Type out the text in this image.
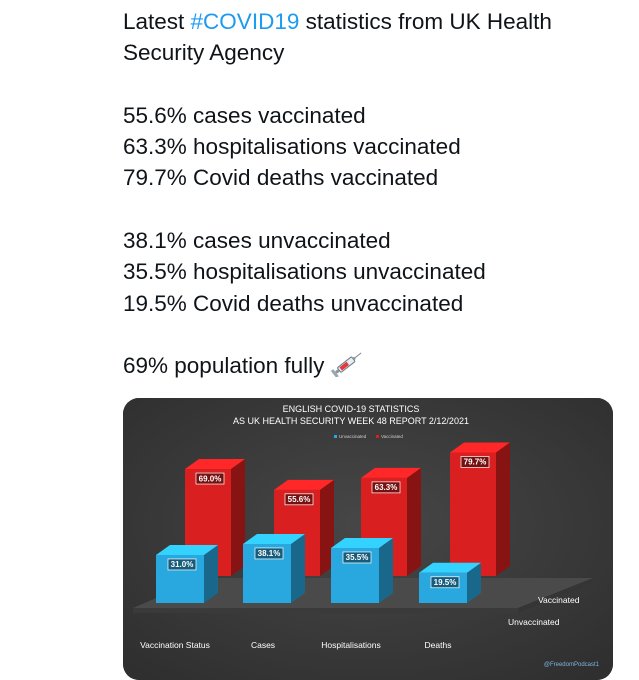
Latest #COVID19 statistics from UK Health
Security Agency
55.6% cases vaccinated
63.3% hospitalisations vaccinated
79.7% Covid deaths vaccinated
38.1% cases unvaccinated
35.5% hospitalisations unvaccinated
19.5% Covid deaths unvaccinated
69% population fully
ENGLISH COVID-19 STATISTICS
AS UK HEALTH SECURITY WEEK 48 REPORT 2/12/2021
Unvaccinated	Vaccinated
69.0%
55.6%
63.3%
79.7%
31.0%
38.1%	35.5%
19.5%
Vaccination Status	Cases	Hospitalisations	Deaths
Vaccinated
Unvaccinated
@FreedomPodcast1
